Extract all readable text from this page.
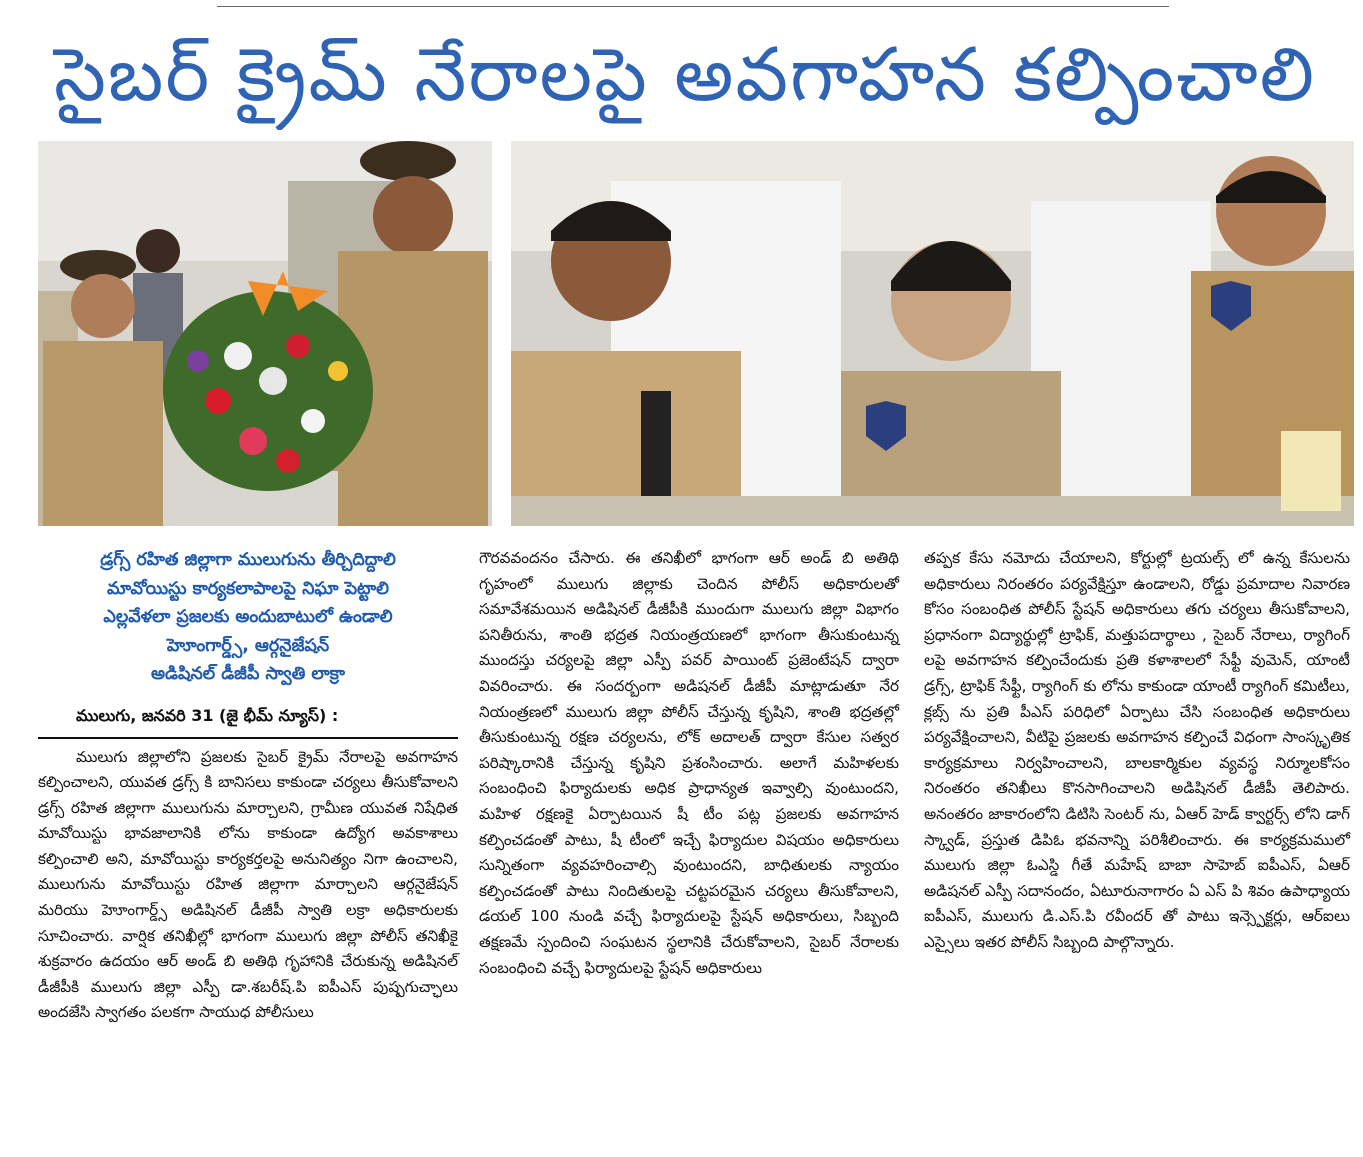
సైబర్ క్రైమ్ నేరాలపై అవగాహన కల్పించాలి
డ్రగ్స్ రహిత జిల్లాగా ములుగును తీర్చిదిద్దాలి
మావోయిస్టు కార్యకలాపాలపై నిఘా పెట్టాలి
ఎల్లవేళలా ప్రజలకు అందుబాటులో ఉండాలి
హెూంగార్డ్స్, ఆర్గనైజేషన్
అడిషినల్ డీజీపీ స్వాతి లాక్రా
ములుగు, జనవరి 31 (జై భీమ్ న్యూస్) :

ములుగు జిల్లాలోని ప్రజలకు సైబర్ క్రైమ్ నేరాలపై అవగాహన కల్పించాలని, యువత డ్రగ్స్ కి బానిసలు కాకుండా చర్యలు తీసుకోవాలని డ్రగ్స్ రహిత జిల్లాగా ములుగును మార్చాలని, గ్రామీణ యువత నిషేధిత మావోయిస్టు భావజాలానికి లోను కాకుండా ఉద్యోగ అవకాశాలు కల్పించాలి అని, మావోయిస్టు కార్యకర్తలపై అనునిత్యం నిగా ఉంచాలని, ములుగును మావోయిస్టు రహిత జిల్లాగా మార్చాలని ఆర్గనైజేషన్ మరియు హెూంగార్డ్స్ అడిషినల్ డీజీపీ స్వాతి లక్రా అధికారులకు సూచించారు. వార్షిక తనిఖీల్లో భాగంగా ములుగు జిల్లా పోలీస్ తనిఖీకై శుక్రవారం ఉదయం ఆర్ అండ్ బి అతిథి గృహానికి చేరుకున్న అడిషినల్ డీజీపీకి ములుగు జిల్లా ఎస్పీ డా.శబరీష్.పి ఐపీఎస్ పుష్పగుచ్ఛాలు అందజేసి స్వాగతం పలకగా సాయుధ పోలీసులు

గౌరవవందనం చేసారు. ఈ తనిఖీలో భాగంగా ఆర్ అండ్ బి అతిథి గృహంలో ములుగు జిల్లాకు చెందిన పోలీస్ అధికారులతో సమావేశమయిన అడిషినల్ డీజీపీకి ముందుగా ములుగు జిల్లా విభాగం పనితీరును, శాంతి భద్రత నియంత్రయణలో భాగంగా తీసుకుంటున్న ముందస్తు చర్యలపై జిల్లా ఎస్పీ పవర్ పాయింట్ ప్రజెంటేషన్ ద్వారా వివరించారు. ఈ సందర్బంగా అడిషనల్ డీజీపీ మాట్లాడుతూ నేర నియంత్రణలో ములుగు జిల్లా పోలీస్ చేస్తున్న కృషిని, శాంతి భద్రతల్లో తీసుకుంటున్న రక్షణ చర్యలను, లోక్ అదాలత్ ద్వారా కేసుల సత్వర పరిష్కారానికి చేస్తున్న కృషిని ప్రశంసించారు. అలాగే మహిళలకు సంబంధించి ఫిర్యాదులకు అధిక ప్రాధాన్యత ఇవ్వాల్సి వుంటుందని, మహిళ రక్షణకై ఏర్పాటయిన షీ టీం పట్ల ప్రజలకు అవగాహన కల్పించడంతో పాటు, షీ టీంలో ఇచ్చే ఫిర్యాదుల విషయం అధికారులు సున్నితంగా వ్యవహరించాల్సి వుంటుందని, బాధితులకు న్యాయం కల్పించడంతో పాటు నిందితులపై చట్టపరమైన చర్యలు తీసుకోవాలని, డయల్ 100 నుండి వచ్చే ఫిర్యాదులపై స్టేషన్ అధికారులు, సిబ్బంది తక్షణమే స్పందించి సంఘటన స్థలానికి చేరుకోవాలని, సైబర్ నేరాలకు సంబంధించి వచ్చే ఫిర్యాదులపై స్టేషన్ అధికారులు

తప్పక కేసు నమోదు చేయాలని, కోర్టుల్లో ట్రయల్స్ లో ఉన్న కేసులను అధికారులు నిరంతరం పర్యవేక్షిస్తూ ఉండాలని, రోడ్డు ప్రమాదాల నివారణ కోసం సంబంధిత పోలీస్ స్టేషన్ అధికారులు తగు చర్యలు తీసుకోవాలని, ప్రధానంగా విద్యార్థుల్లో ట్రాఫిక్, మత్తుపదార్థాలు , సైబర్ నేరాలు, ర్యాగింగ్ లపై అవగాహన కల్పించేందుకు ప్రతి కళాశాలలో సేఫ్టీ వుమెన్, యాంటీ డ్రగ్స్, ట్రాఫిక్ సేఫ్టీ, ర్యాగింగ్ కు లోను కాకుండా యాంటీ ర్యాగింగ్ కమిటీలు, క్లబ్స్ ను ప్రతి పీఎస్ పరిధిలో ఏర్పాటు చేసి సంబంధిత అధికారులు పర్యవేక్షించాలని, వీటిపై ప్రజలకు అవగాహన కల్పించే విధంగా సాంస్కృతిక కార్యక్రమాలు నిర్వహించాలని, బాలకార్మికుల వ్యవస్థ నిర్మూలకోసం నిరంతరం తనిఖీలు కొనసాగించాలని అడిషినల్ డీజీపీ తెలిపారు. అనంతరం జాకారంలోని డిటిసి సెంటర్ ను, ఏఆర్ హెడ్ క్వార్టర్స్ లోని డాగ్ స్క్వాడ్, ప్రస్తుత డిపిఓ భవనాన్ని పరిశీలించారు. ఈ కార్యక్రమములో ములుగు జిల్లా ఓఎస్డి గీతే మహేష్ బాబా సాహెబ్ ఐపీఎస్, ఏఆర్ అడిషనల్ ఎస్పీ సదానందం, ఏటూరునాగారం ఏ ఎస్ పి శివం ఉపాధ్యాయ ఐపీఎస్, ములుగు డి.ఎస్.పి రవీందర్ తో పాటు ఇన్స్పెక్టర్లు, ఆర్ఐలు ఎస్సైలు ఇతర పోలీస్ సిబ్బంది పాల్గొన్నారు.
